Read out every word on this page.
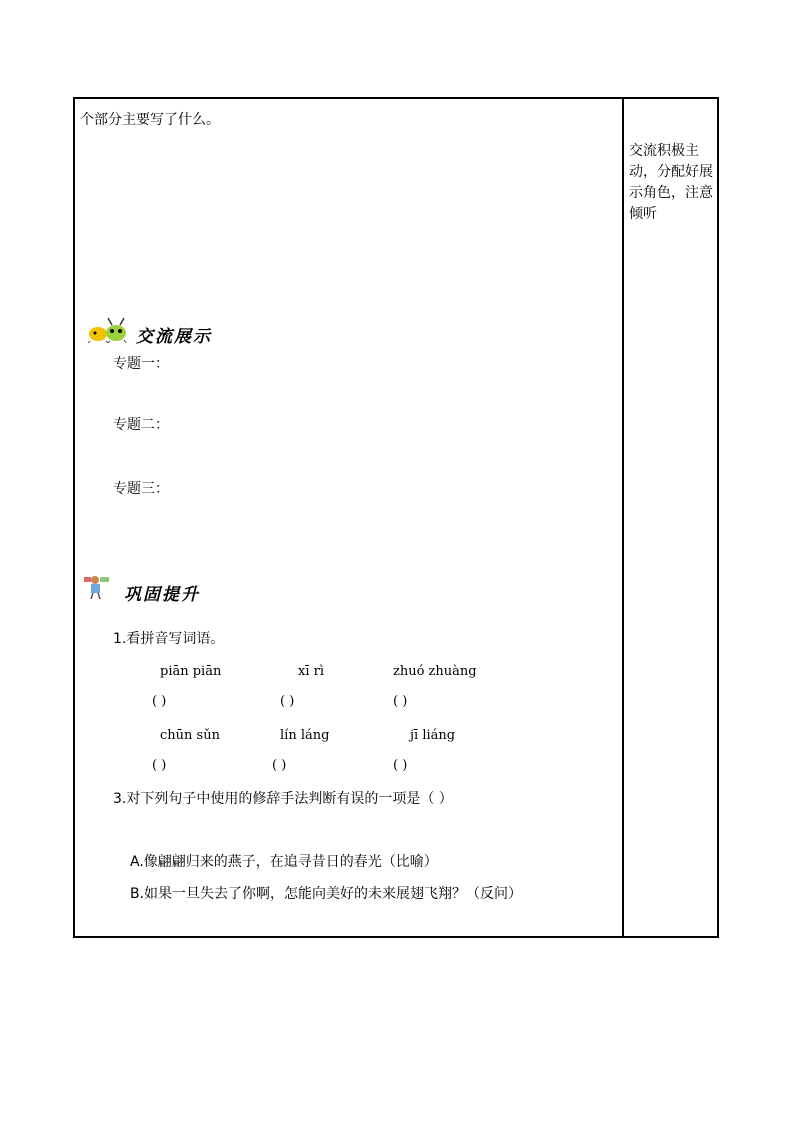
个部分主要写了什么。
交流积极主动，分配好展示角色，注意倾听
交流展示
专题一：
专题二：
专题三：
巩固提升
1.看拼音写词语。
piān piān	xī rì	zhuó zhuàng
( )	( )	( )
chūn sǔn	lín láng	jī liáng
( )	( )	( )
3.对下列句子中使用的修辞手法判断有误的一项是（ ）
A.像翩翩归来的燕子，在追寻昔日的春光（比喻）
B.如果一旦失去了你啊，怎能向美好的未来展翅飞翔？（反问）
